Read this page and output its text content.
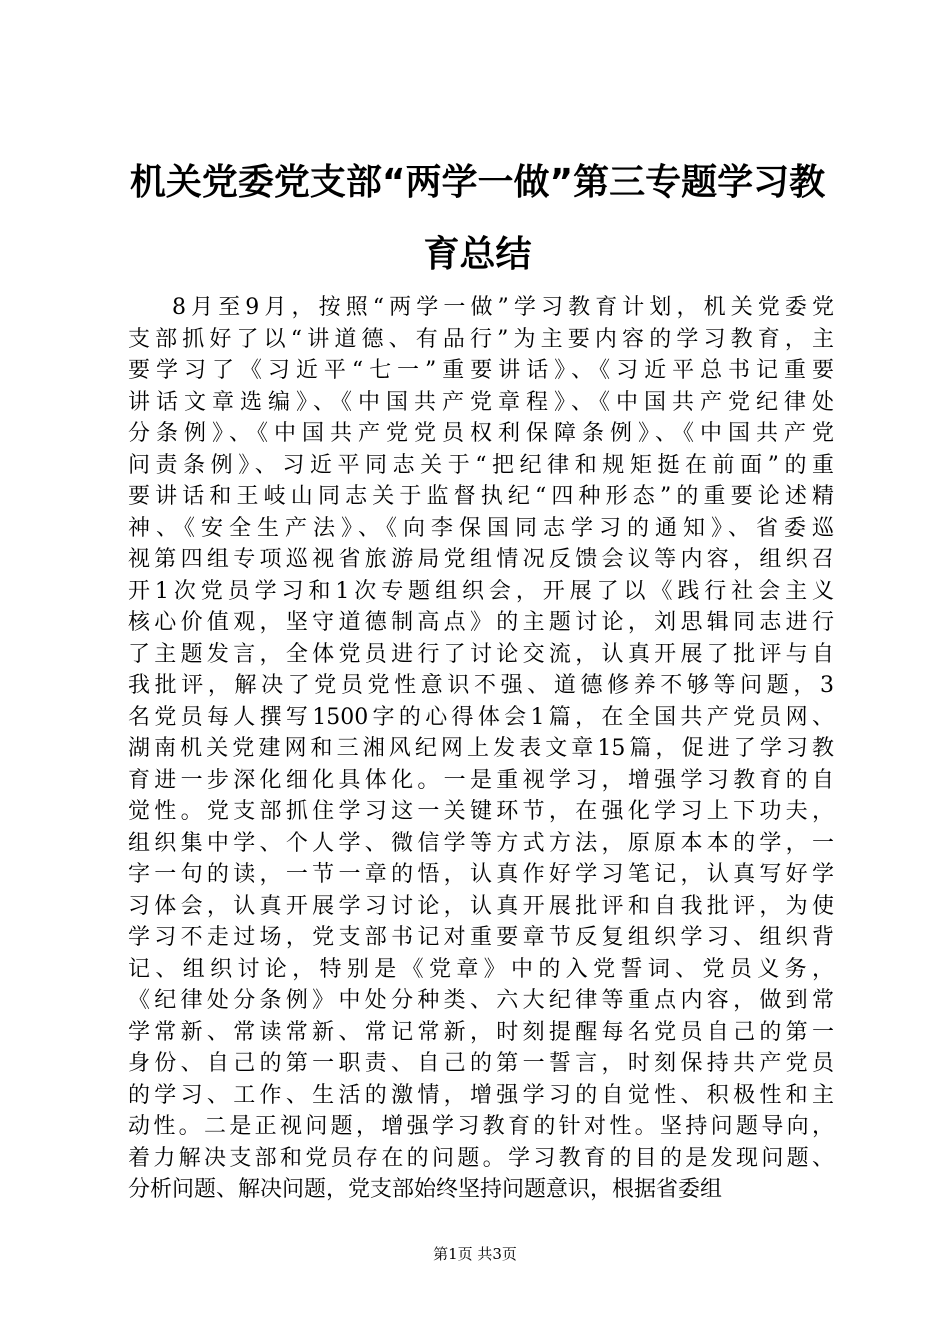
机关党委党支部“两学一做”第三专题学习教
育总结
8月至9月，按照“两学一做”学习教育计划，机关党委党
支部抓好了以“讲道德、有品行”为主要内容的学习教育，主
要学习了《习近平“七一”重要讲话》、《习近平总书记重要
讲话文章选编》、《中国共产党章程》、《中国共产党纪律处
分条例》、《中国共产党党员权利保障条例》、《中国共产党
问责条例》、习近平同志关于“把纪律和规矩挺在前面”的重
要讲话和王岐山同志关于监督执纪“四种形态”的重要论述精
神、《安全生产法》、《向李保国同志学习的通知》、省委巡
视第四组专项巡视省旅游局党组情况反馈会议等内容，组织召
开1次党员学习和1次专题组织会，开展了以《践行社会主义
核心价值观，坚守道德制高点》的主题讨论，刘思辑同志进行
了主题发言，全体党员进行了讨论交流，认真开展了批评与自
我批评，解决了党员党性意识不强、道德修养不够等问题，3
名党员每人撰写1500字的心得体会1篇，在全国共产党员网、
湖南机关党建网和三湘风纪网上发表文章15篇，促进了学习教
育进一步深化细化具体化。一是重视学习，增强学习教育的自
觉性。党支部抓住学习这一关键环节，在强化学习上下功夫，
组织集中学、个人学、微信学等方式方法，原原本本的学，一
字一句的读，一节一章的悟，认真作好学习笔记，认真写好学
习体会，认真开展学习讨论，认真开展批评和自我批评，为使
学习不走过场，党支部书记对重要章节反复组织学习、组织背
记、组织讨论，特别是《党章》中的入党誓词、党员义务，
《纪律处分条例》中处分种类、六大纪律等重点内容，做到常
学常新、常读常新、常记常新，时刻提醒每名党员自己的第一
身份、自己的第一职责、自己的第一誓言，时刻保持共产党员
的学习、工作、生活的激情，增强学习的自觉性、积极性和主
动性。二是正视问题，增强学习教育的针对性。坚持问题导向，
着力解决支部和党员存在的问题。学习教育的目的是发现问题、
分析问题、解决问题，党支部始终坚持问题意识，根据省委组
第1页 共3页
